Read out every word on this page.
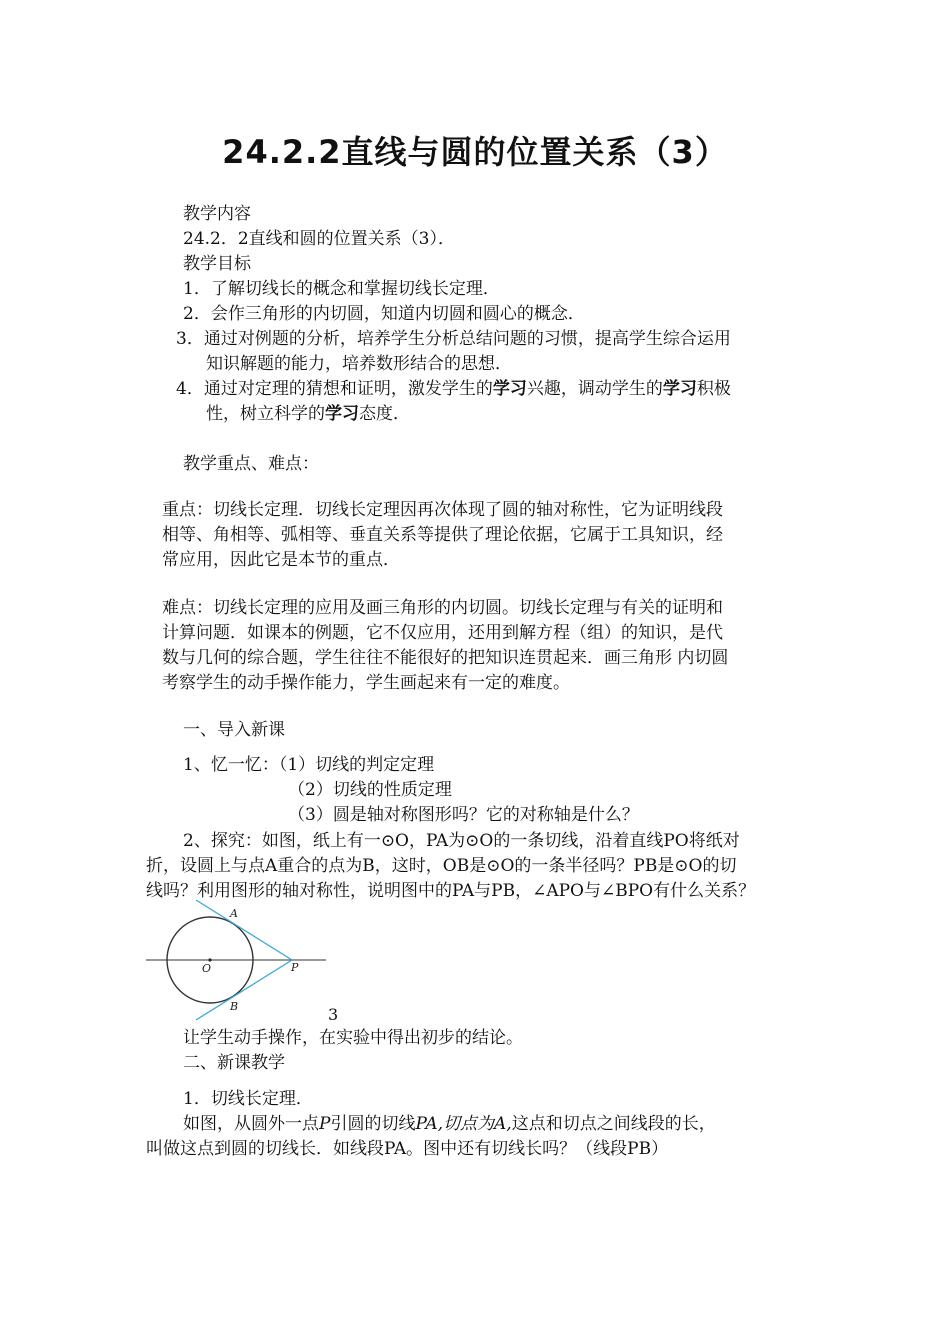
24.2.2直线与圆的位置关系（3）
教学内容
24.2．2直线和圆的位置关系（3）．
教学目标
1．了解切线长的概念和掌握切线长定理．
2．会作三角形的内切圆，知道内切圆和圆心的概念．
3．通过对例题的分析，培养学生分析总结问题的习惯，提高学生综合运用
知识解题的能力，培养数形结合的思想．
4．通过对定理的猜想和证明，激发学生的学习兴趣，调动学生的学习积极
性，树立科学的学习态度．
教学重点、难点：
重点：切线长定理．切线长定理因再次体现了圆的轴对称性，它为证明线段
相等、角相等、弧相等、垂直关系等提供了理论依据，它属于工具知识，经
常应用，因此它是本节的重点．
难点：切线长定理的应用及画三角形的内切圆。切线长定理与有关的证明和
计算问题．如课本的例题，它不仅应用，还用到解方程（组）的知识，是代
数与几何的综合题，学生往往不能很好的把知识连贯起来．画三角形 内切圆
考察学生的动手操作能力，学生画起来有一定的难度。
一、导入新课
1、忆一忆：（1）切线的判定定理
（2）切线的性质定理
（3）圆是轴对称图形吗？它的对称轴是什么？
2、探究：如图，纸上有一⊙O，PA为⊙O的一条切线，沿着直线PO将纸对
折，设圆上与点A重合的点为B，这时，OB是⊙O的一条半径吗？PB是⊙O的切
线吗？利用图形的轴对称性，说明图中的PA与PB，∠APO与∠BPO有什么关系？
A
B
O	P
3
让学生动手操作，在实验中得出初步的结论。
二、新课教学
1．切线长定理．
如图，从圆外一点P引圆的切线PA,切点为A,这点和切点之间线段的长，
叫做这点到圆的切线长．如线段PA。图中还有切线长吗？（线段PB）
